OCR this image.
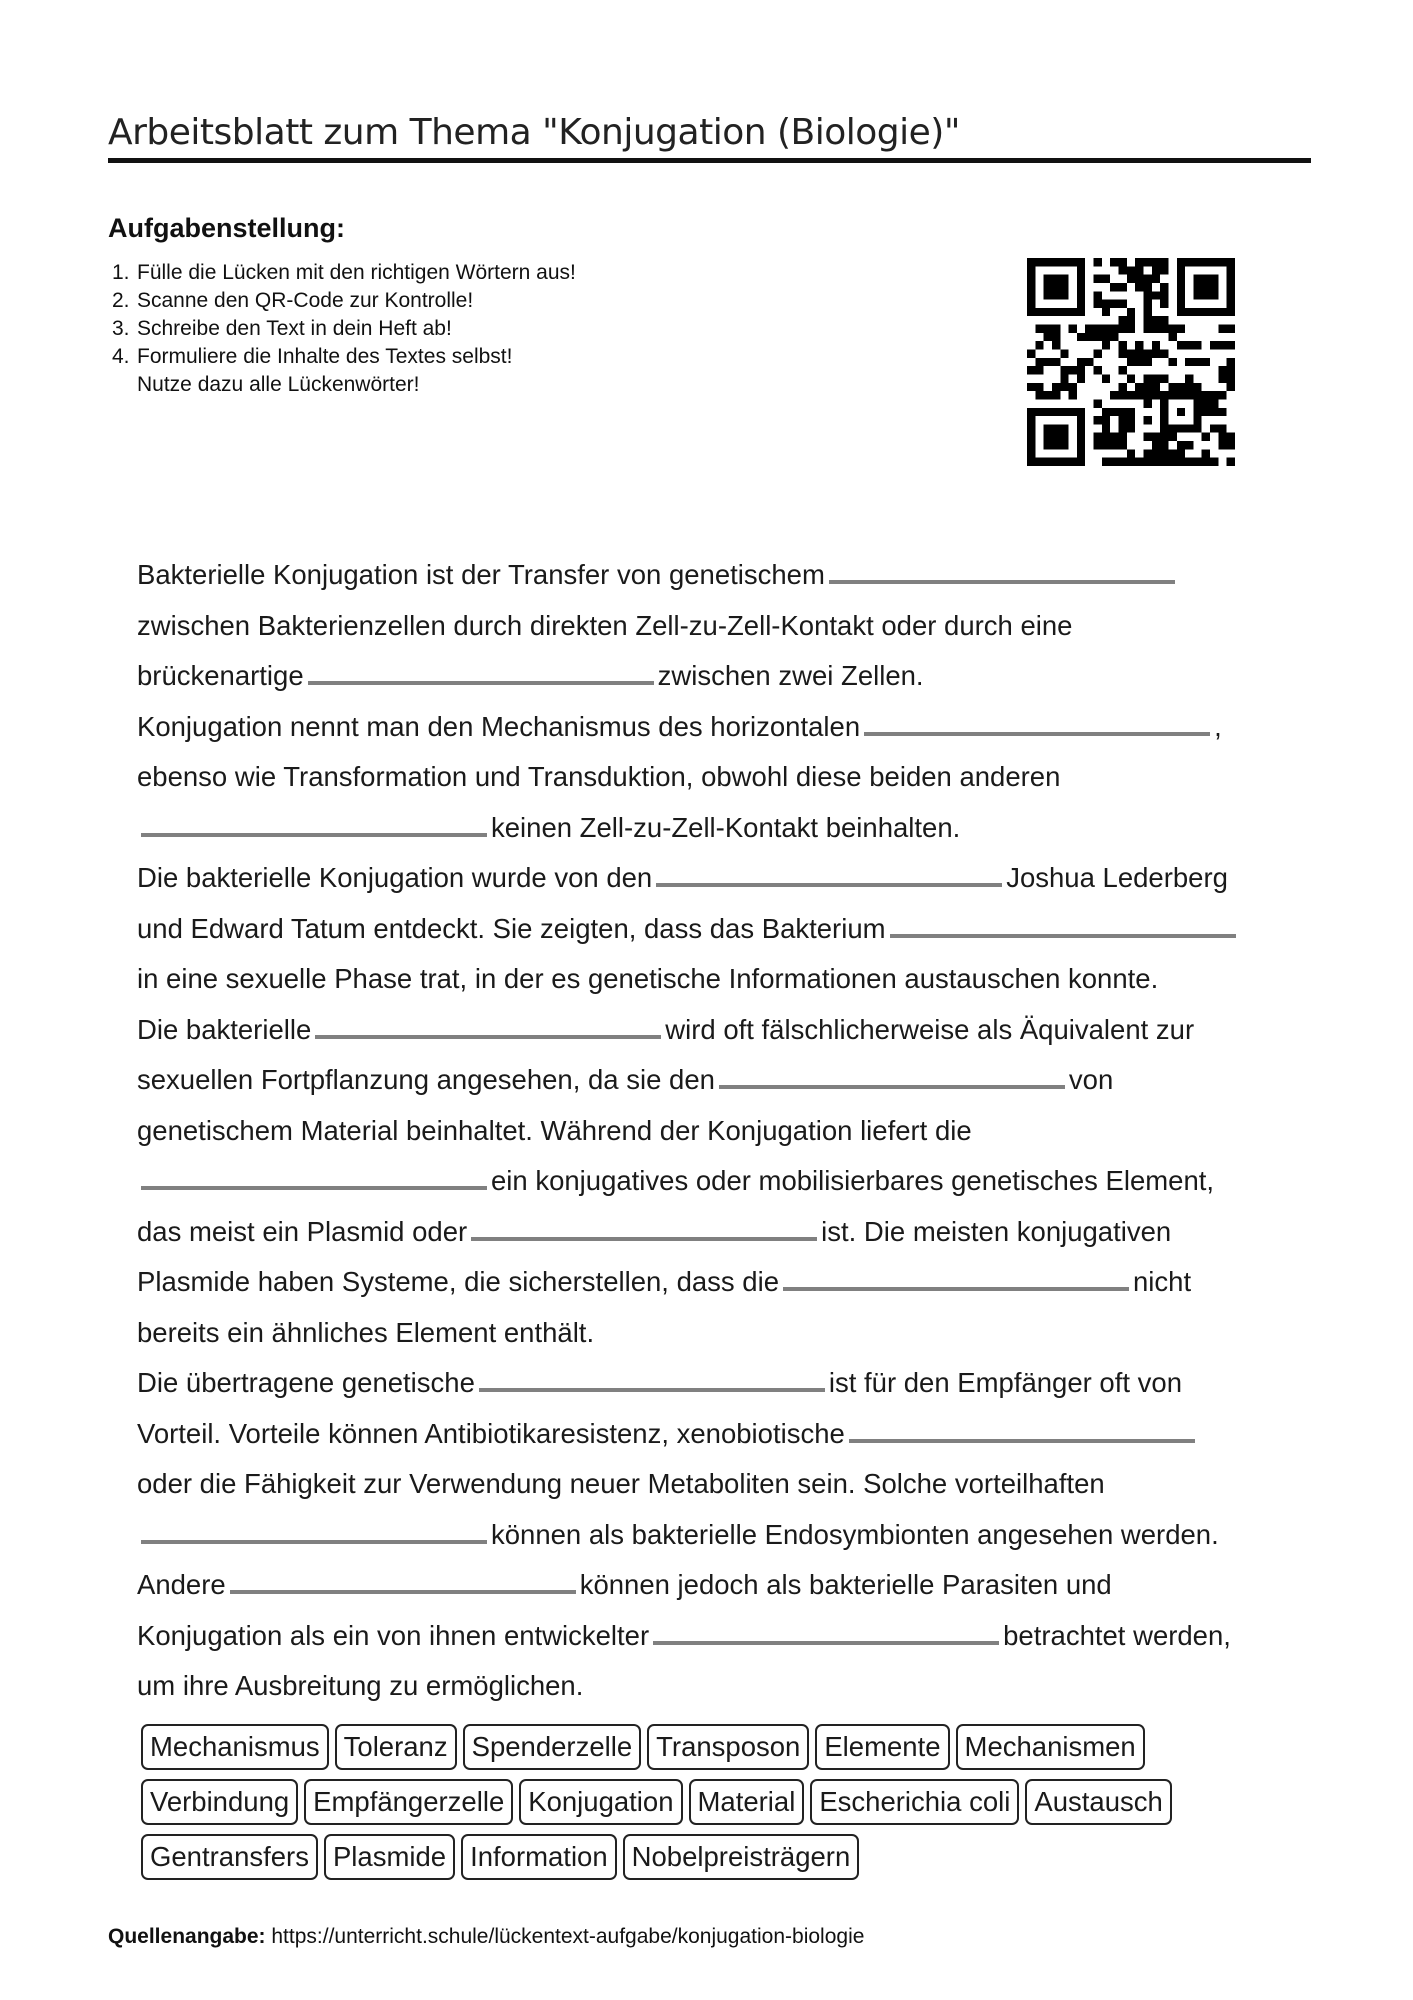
Arbeitsblatt zum Thema "Konjugation (Biologie)"
Aufgabenstellung:
1. Fülle die Lücken mit den richtigen Wörtern aus!
2. Scanne den QR-Code zur Kontrolle!
3. Schreibe den Text in dein Heft ab!
4. Formuliere die Inhalte des Textes selbst!
Nutze dazu alle Lückenwörter!
Bakterielle Konjugation ist der Transfer von genetischem
zwischen Bakterienzellen durch direkten Zell-zu-Zell-Kontakt oder durch eine
brückenartige	zwischen zwei Zellen.
Konjugation nennt man den Mechanismus des horizontalen	,
ebenso wie Transformation und Transduktion, obwohl diese beiden anderen
keinen Zell-zu-Zell-Kontakt beinhalten.
Die bakterielle Konjugation wurde von den	Joshua Lederberg
und Edward Tatum entdeckt. Sie zeigten, dass das Bakterium
in eine sexuelle Phase trat, in der es genetische Informationen austauschen konnte.
Die bakterielle	wird oft fälschlicherweise als Äquivalent zur
sexuellen Fortpflanzung angesehen, da sie den	von
genetischem Material beinhaltet. Während der Konjugation liefert die
ein konjugatives oder mobilisierbares genetisches Element,
das meist ein Plasmid oder	ist. Die meisten konjugativen
Plasmide haben Systeme, die sicherstellen, dass die	nicht
bereits ein ähnliches Element enthält.
Die übertragene genetische	ist für den Empfänger oft von
Vorteil. Vorteile können Antibiotikaresistenz, xenobiotische
oder die Fähigkeit zur Verwendung neuer Metaboliten sein. Solche vorteilhaften
können als bakterielle Endosymbionten angesehen werden.
Andere	können jedoch als bakterielle Parasiten und
Konjugation als ein von ihnen entwickelter	betrachtet werden,
um ihre Ausbreitung zu ermöglichen.
Mechanismus Toleranz Spenderzelle Transposon Elemente Mechanismen
Verbindung Empfängerzelle Konjugation Material Escherichia coli Austausch
Gentransfers Plasmide Information Nobelpreisträgern
Quellenangabe: https://unterricht.schule/lückentext-aufgabe/konjugation-biologie
